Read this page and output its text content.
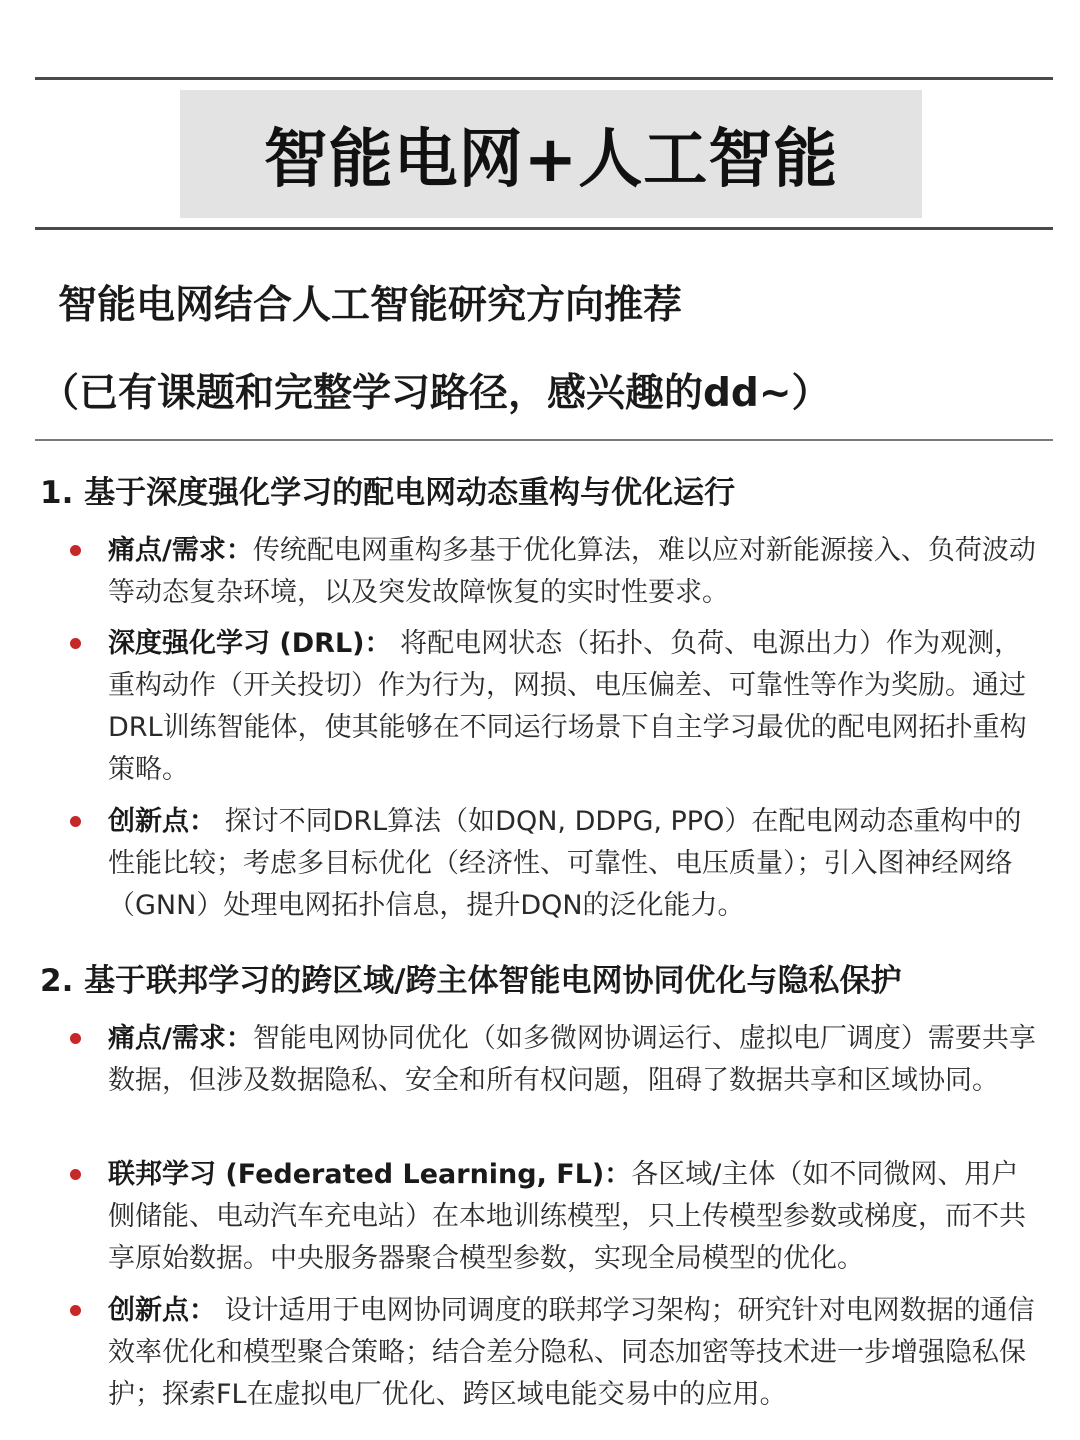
智能电网+人工智能
智能电网结合人工智能研究方向推荐
（已有课题和完整学习路径，感兴趣的dd~）
1. 基于深度强化学习的配电网动态重构与优化运行
痛点/需求：传统配电网重构多基于优化算法，难以应对新能源接入、负荷波动等动态复杂环境，以及突发故障恢复的实时性要求。
深度强化学习 (DRL)： 将配电网状态（拓扑、负荷、电源出力）作为观测，重构动作（开关投切）作为行为，网损、电压偏差、可靠性等作为奖励。通过DRL训练智能体，使其能够在不同运行场景下自主学习最优的配电网拓扑重构策略。
创新点： 探讨不同DRL算法（如DQN, DDPG, PPO）在配电网动态重构中的性能比较；考虑多目标优化（经济性、可靠性、电压质量）；引入图神经网络（GNN）处理电网拓扑信息，提升DQN的泛化能力。
2. 基于联邦学习的跨区域/跨主体智能电网协同优化与隐私保护
痛点/需求：智能电网协同优化（如多微网协调运行、虚拟电厂调度）需要共享数据，但涉及数据隐私、安全和所有权问题，阻碍了数据共享和区域协同。
联邦学习 (Federated Learning, FL)：各区域/主体（如不同微网、用户侧储能、电动汽车充电站）在本地训练模型，只上传模型参数或梯度，而不共享原始数据。中央服务器聚合模型参数，实现全局模型的优化。
创新点： 设计适用于电网协同调度的联邦学习架构；研究针对电网数据的通信效率优化和模型聚合策略；结合差分隐私、同态加密等技术进一步增强隐私保护；探索FL在虚拟电厂优化、跨区域电能交易中的应用。
